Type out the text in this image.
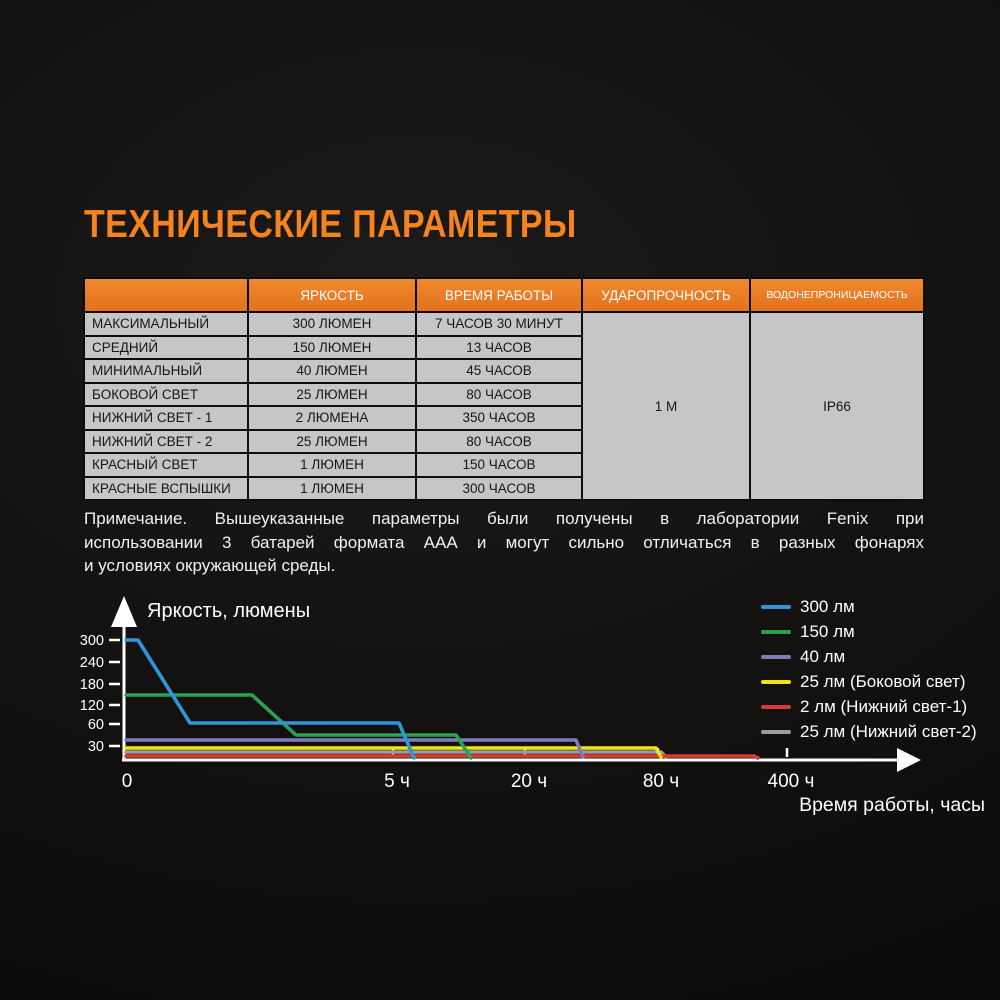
ТЕХНИЧЕСКИЕ ПАРАМЕТРЫ
	ЯРКОСТЬ	ВРЕМЯ РАБОТЫ	УДАРОПРОЧНОСТЬ	ВОДОНЕПРОНИЦАЕМОСТЬ
МАКСИМАЛЬНЫЙ	300 ЛЮМЕН	7 ЧАСОВ 30 МИНУТ	1 М	IP66
СРЕДНИЙ	150 ЛЮМЕН	13 ЧАСОВ		
МИНИМАЛЬНЫЙ	40 ЛЮМЕН	45 ЧАСОВ		
БОКОВОЙ СВЕТ	25 ЛЮМЕН	80 ЧАСОВ		
НИЖНИЙ СВЕТ - 1	2 ЛЮМЕНА	350 ЧАСОВ		
НИЖНИЙ СВЕТ - 2	25 ЛЮМЕН	80 ЧАСОВ		
КРАСНЫЙ СВЕТ	1 ЛЮМЕН	150 ЧАСОВ		
КРАСНЫЕ ВСПЫШКИ	1 ЛЮМЕН	300 ЧАСОВ		
Примечание. Вышеуказанные параметры были получены в лаборатории Fenix при
использовании 3 батарей формата ААА и могут сильно отличаться в разных фонарях
и условиях окружающей среды.
300
240
180
120
60
30
0	5 ч	20 ч	80 ч	400 ч
Яркость, люмены
Время работы, часы
300 лм
150 лм
40 лм
25 лм (Боковой свет)
2 лм (Нижний свет-1)
25 лм (Нижний свет-2)
